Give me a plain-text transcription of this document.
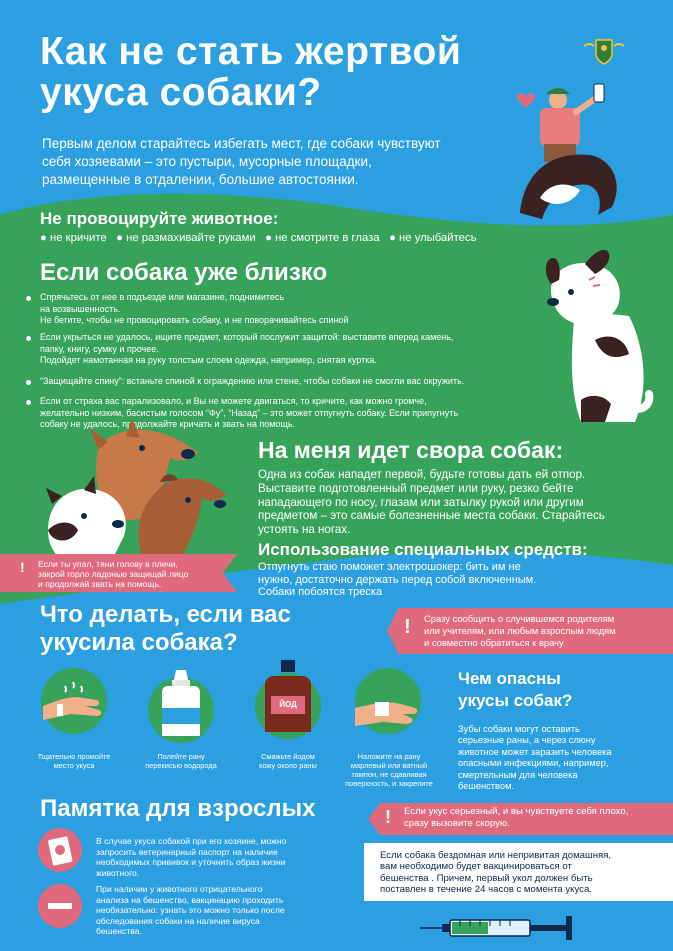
Как не стать жертвой
укуса собаки?
Первым делом старайтесь избегать мест, где собаки чувствуют
себя хозяевами – это пустыри, мусорные площадки,
размещенные в отдалении, большие автостоянки.
?
?
Не провоцируйте животное:
● не кричите ● не размахивайте руками ● не смотрите в глаза ● не улыбайтесь
Если собака уже близко
Спрячьтесь от нее в подъезде или магазине, поднимитесь
на возвышенность.
Не бегите, чтобы не провоцировать собаку, и не поворачивайтесь спиной
Если укрыться не удалось, ищите предмет, который послужит защитой: выставите вперед камень,
папку, книгу, сумку и прочее.
Подойдет намотанная на руку толстым слоем одежда, например, снятая куртка.
“Защищайте спину”: встаньте спиной к ограждению или стене, чтобы собаки не смогли вас окружить.
Если от страха вас парализовало, и Вы не можете двигаться, то кричите, как можно громче,
желательно низким, басистым голосом “Фу”, “Назад” – это может отпугнуть собаку. Если припугнуть
собаку не удалось, продолжайте кричать и звать на помощь.
На меня идет свора собак:
Одна из собак нападет первой, будьте готовы дать ей отпор.
Выставите подготовленный предмет или руку, резко бейте
нападающего по носу, глазам или затылку рукой или другим
предметом – это самые болезненные места собаки. Старайтесь
устоять на ногах.
! Если ты упал, тяни голову в плечи,
закрой горло ладонью защищай лицо
и продолжай звать на помощь.
Использование специальных средств:
Отпугнуть стаю поможет электрошокер: бить им не
нужно, достаточно держать перед собой включенным.
Собаки побоятся треска
Что делать, если вас
укусила собака?
! Сразу сообщить о случившемся родителям
или учителям, или любым взрослым людям
и совместно обратиться к врачу
ЙОД
Тщательно промойте
место укуса
Полейте рану
перекисью водорода
Смажьте йодом
кожу около раны
Наложите на рану
марлевый или ватный
тампон, не сдавливая
поверхность, и закрепите
Чем опасны
укусы собак?
Зубы собаки могут оставить
серьезные раны, а через слюну
животное может заразить человека
опасными инфекциями, например,
смертельным для человека
бешенством.
Памятка для взрослых
В случае укуса собакой при его хозяине, можно
запросить ветеринарный паспорт на наличие
необходимых прививок и уточнить образ жизни
животного.
При наличии у животного отрицательного
анализа на бешенство, вакцинацию проходить
необязательно: узнать это можно только после
обследования собаки на наличие вируса
бешенства.
! Если укус серьезный, и вы чувствуете себя плохо,
сразу вызовите скорую.
Если собака бездомная или непривитая домашняя,
вам необходимо будет вакцинироваться от
бешенства . Причем, первый укол должен быть
поставлен в течение 24 часов с момента укуса.
